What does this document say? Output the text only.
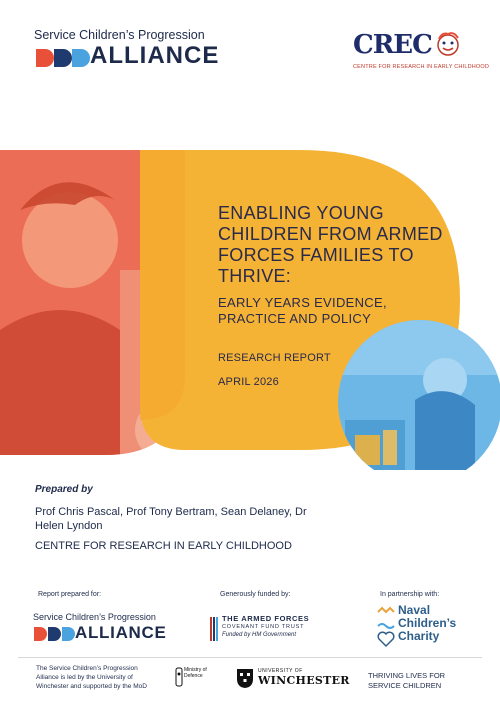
Service Children’s Progression
ALLIANCE	CREC
CENTRE FOR RESEARCH IN EARLY CHILDHOOD
ENABLING YOUNG CHILDREN FROM ARMED FORCES FAMILIES TO THRIVE:
EARLY YEARS EVIDENCE, PRACTICE AND POLICY
RESEARCH REPORT
APRIL 2026
Prepared by
Prof Chris Pascal, Prof Tony Bertram, Sean Delaney, Dr Helen Lyndon
CENTRE FOR RESEARCH IN EARLY CHILDHOOD
Report prepared for:	Generously funded by:	In partnership with:
Service Children’s Progression
ALLIANCE
THE ARMED FORCES
COVENANT FUND TRUST
Funded by HM Government
Naval Children’s Charity
The Service Children’s Progression Alliance is led by the University of Winchester and supported by the MoD
Ministry of Defence
UNIVERSITY OF
WINCHESTER THRIVING LIVES FOR SERVICE CHILDREN
